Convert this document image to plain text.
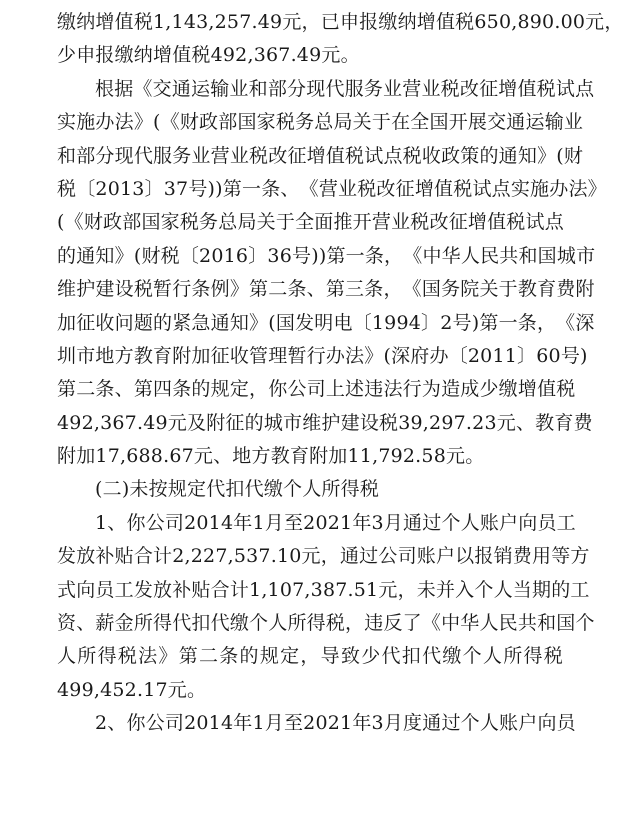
缴 纳 增 值 税 1,143,257.49 元 ， 已 申 报 缴 纳 增 值 税 650,890.00 元 ，
少申报缴纳增值税492,367.49元。
根 据 《 交 通 运 输 业 和 部 分 现 代 服 务 业 营 业 税 改 征 增 值 税 试 点
实 施 办 法 》 ( 《 财 政 部 国 家 税 务 总 局 关 于 在 全 国 开 展 交 通 运 输 业
和 部 分 现 代 服 务 业 营 业 税 改 征 增 值 税 试 点 税 收 政 策 的 通 知 》 ( 财
税 〔 2013 〕 37 号 ) ) 第 一 条 、 《 营 业 税 改 征 增 值 税 试 点 实 施 办 法 》
( 《 财 政 部 国 家 税 务 总 局 关 于 全 面 推 开 营 业 税 改 征 增 值 税 试 点
的 通 知 》 ( 财 税 〔 2016 〕 36 号 ) ) 第 一 条 ， 《 中 华 人 民 共 和 国 城 市
维 护 建 设 税 暂 行 条 例 》 第 二 条 、 第 三 条 ， 《 国 务 院 关 于 教 育 费 附
加 征 收 问 题 的 紧 急 通 知 》 ( 国 发 明 电 〔 1994 〕 2 号 ) 第 一 条 ， 《 深
圳 市 地 方 教 育 附 加 征 收 管 理 暂 行 办 法 》 ( 深 府 办 〔 2011 〕 60 号 )
第 二 条 、 第 四 条 的 规 定 ， 你 公 司 上 述 违 法 行 为 造 成 少 缴 增 值 税
492,367.49 元 及 附 征 的 城 市 维 护 建 设 税 39,297.23 元 、 教 育 费
附加17,688.67元、地方教育附加11,792.58元。
(二)未按规定代扣代缴个人所得税
1 、 你 公 司 2014 年 1 月 至 2021 年 3 月 通 过 个 人 账 户 向 员 工
发 放 补 贴 合 计 2,227,537.10 元 ， 通 过 公 司 账 户 以 报 销 费 用 等 方
式 向 员 工 发 放 补 贴 合 计 1,107,387.51 元 ， 未 并 入 个 人 当 期 的 工
资 、 薪 金 所 得 代 扣 代 缴 个 人 所 得 税 ， 违 反 了 《 中 华 人 民 共 和 国 个
人 所 得 税 法 》 第 二 条 的 规 定 ， 导 致 少 代 扣 代 缴 个 人 所 得 税
499,452.17元。
2 、 你 公 司 2014 年 1 月 至 2021 年 3 月 度 通 过 个 人 账 户 向 员
